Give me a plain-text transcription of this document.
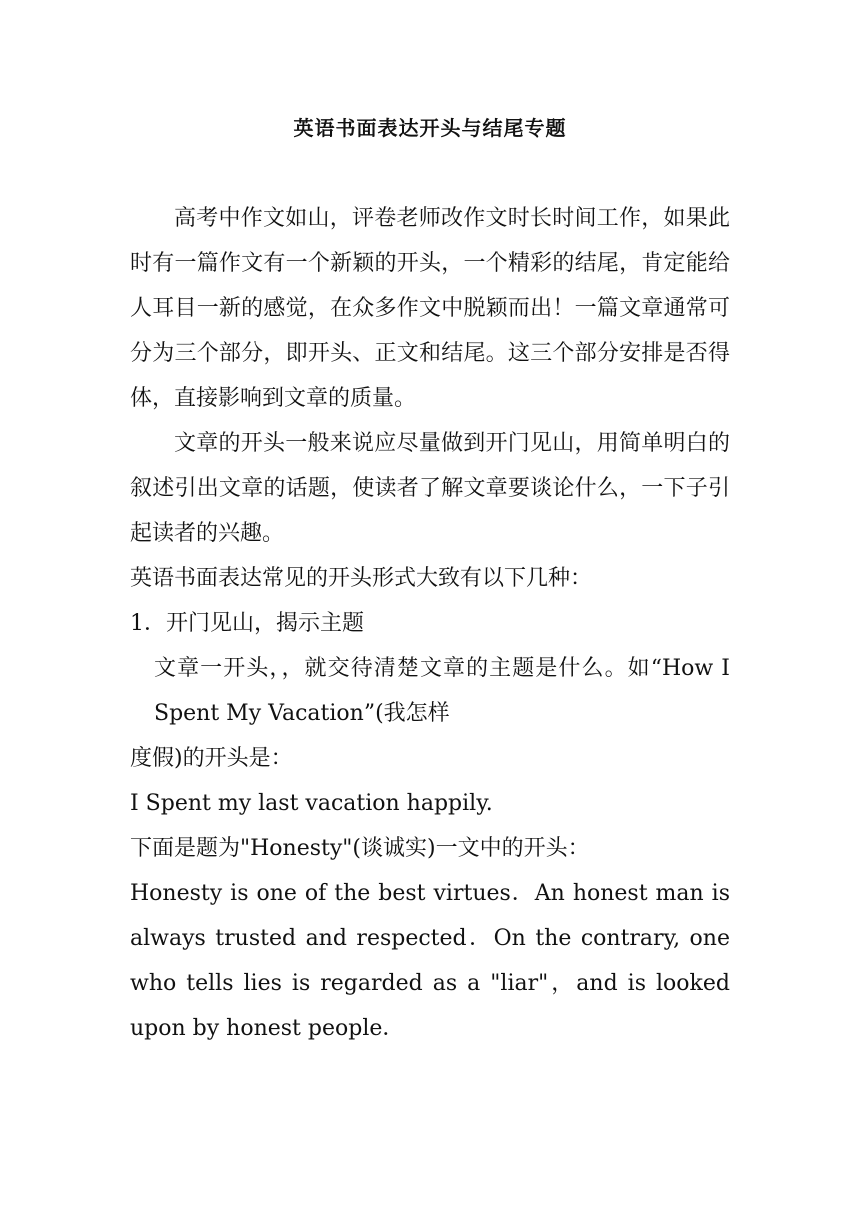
英语书面表达开头与结尾专题

高考中作文如山，评卷老师改作文时长时间工作，如果此时有一篇作文有一个新颖的开头，一个精彩的结尾，肯定能给人耳目一新的感觉，在众多作文中脱颖而出！一篇文章通常可分为三个部分，即开头、正文和结尾。这三个部分安排是否得体，直接影响到文章的质量。

文章的开头一般来说应尽量做到开门见山，用简单明白的叙述引出文章的话题，使读者了解文章要谈论什么，一下子引起读者的兴趣。

英语书面表达常见的开头形式大致有以下几种：

1．开门见山，揭示主题

文章一开头，，就交待清楚文章的主题是什么。如“How I Spent My Vacation”(我怎样

度假)的开头是：

I Spent my last vacation happily.

下面是题为"Honesty"(谈诚实)一文中的开头：

Honesty is one of the best virtues．An honest man is always trusted and respected．On the contrary, one who tells lies is regarded as a "liar"，and is looked upon by honest people．
